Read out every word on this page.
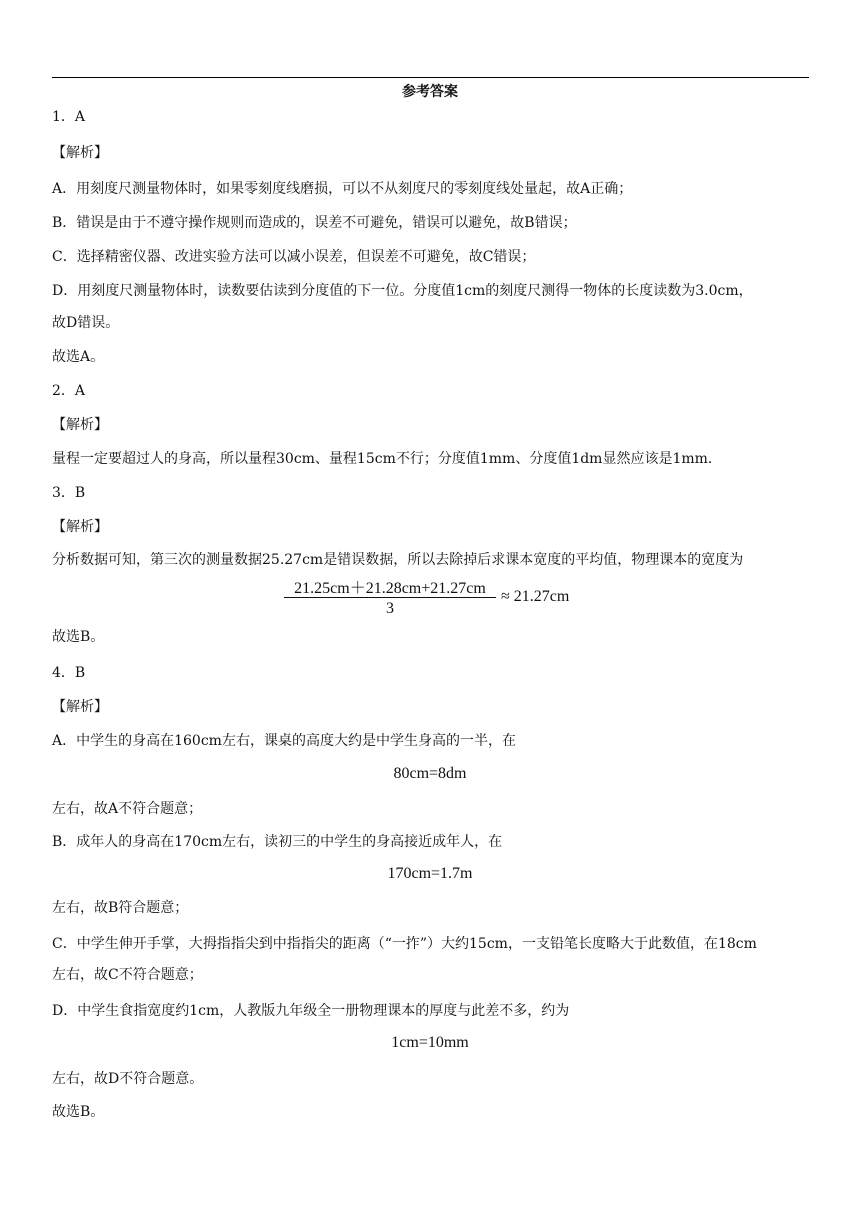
参考答案
1．A
【解析】
A．用刻度尺测量物体时，如果零刻度线磨损，可以不从刻度尺的零刻度线处量起，故A正确；
B．错误是由于不遵守操作规则而造成的，误差不可避免，错误可以避免，故B错误；
C．选择精密仪器、改进实验方法可以减小误差，但误差不可避免，故C错误；
D．用刻度尺测量物体时，读数要估读到分度值的下一位。分度值1cm的刻度尺测得一物体的长度读数为3.0cm，
故D错误。
故选A。
2．A
【解析】
量程一定要超过人的身高，所以量程30cm、量程15cm不行；分度值1mm、分度值1dm显然应该是1mm．
3．B
【解析】
分析数据可知，第三次的测量数据25.27cm是错误数据，所以去除掉后求课本宽度的平均值，物理课本的宽度为
21.25cm＋21.28cm+21.27cm
3
≈ 21.27cm
故选B。
4．B
【解析】
A．中学生的身高在160cm左右，课桌的高度大约是中学生身高的一半，在
80cm=8dm
左右，故A不符合题意；
B．成年人的身高在170cm左右，读初三的中学生的身高接近成年人，在
170cm=1.7m
左右，故B符合题意；
C．中学生伸开手掌，大拇指指尖到中指指尖的距离（“一拃”）大约15cm，一支铅笔长度略大于此数值，在18cm
左右，故C不符合题意；
D．中学生食指宽度约1cm，人教版九年级全一册物理课本的厚度与此差不多，约为
1cm=10mm
左右，故D不符合题意。
故选B。
